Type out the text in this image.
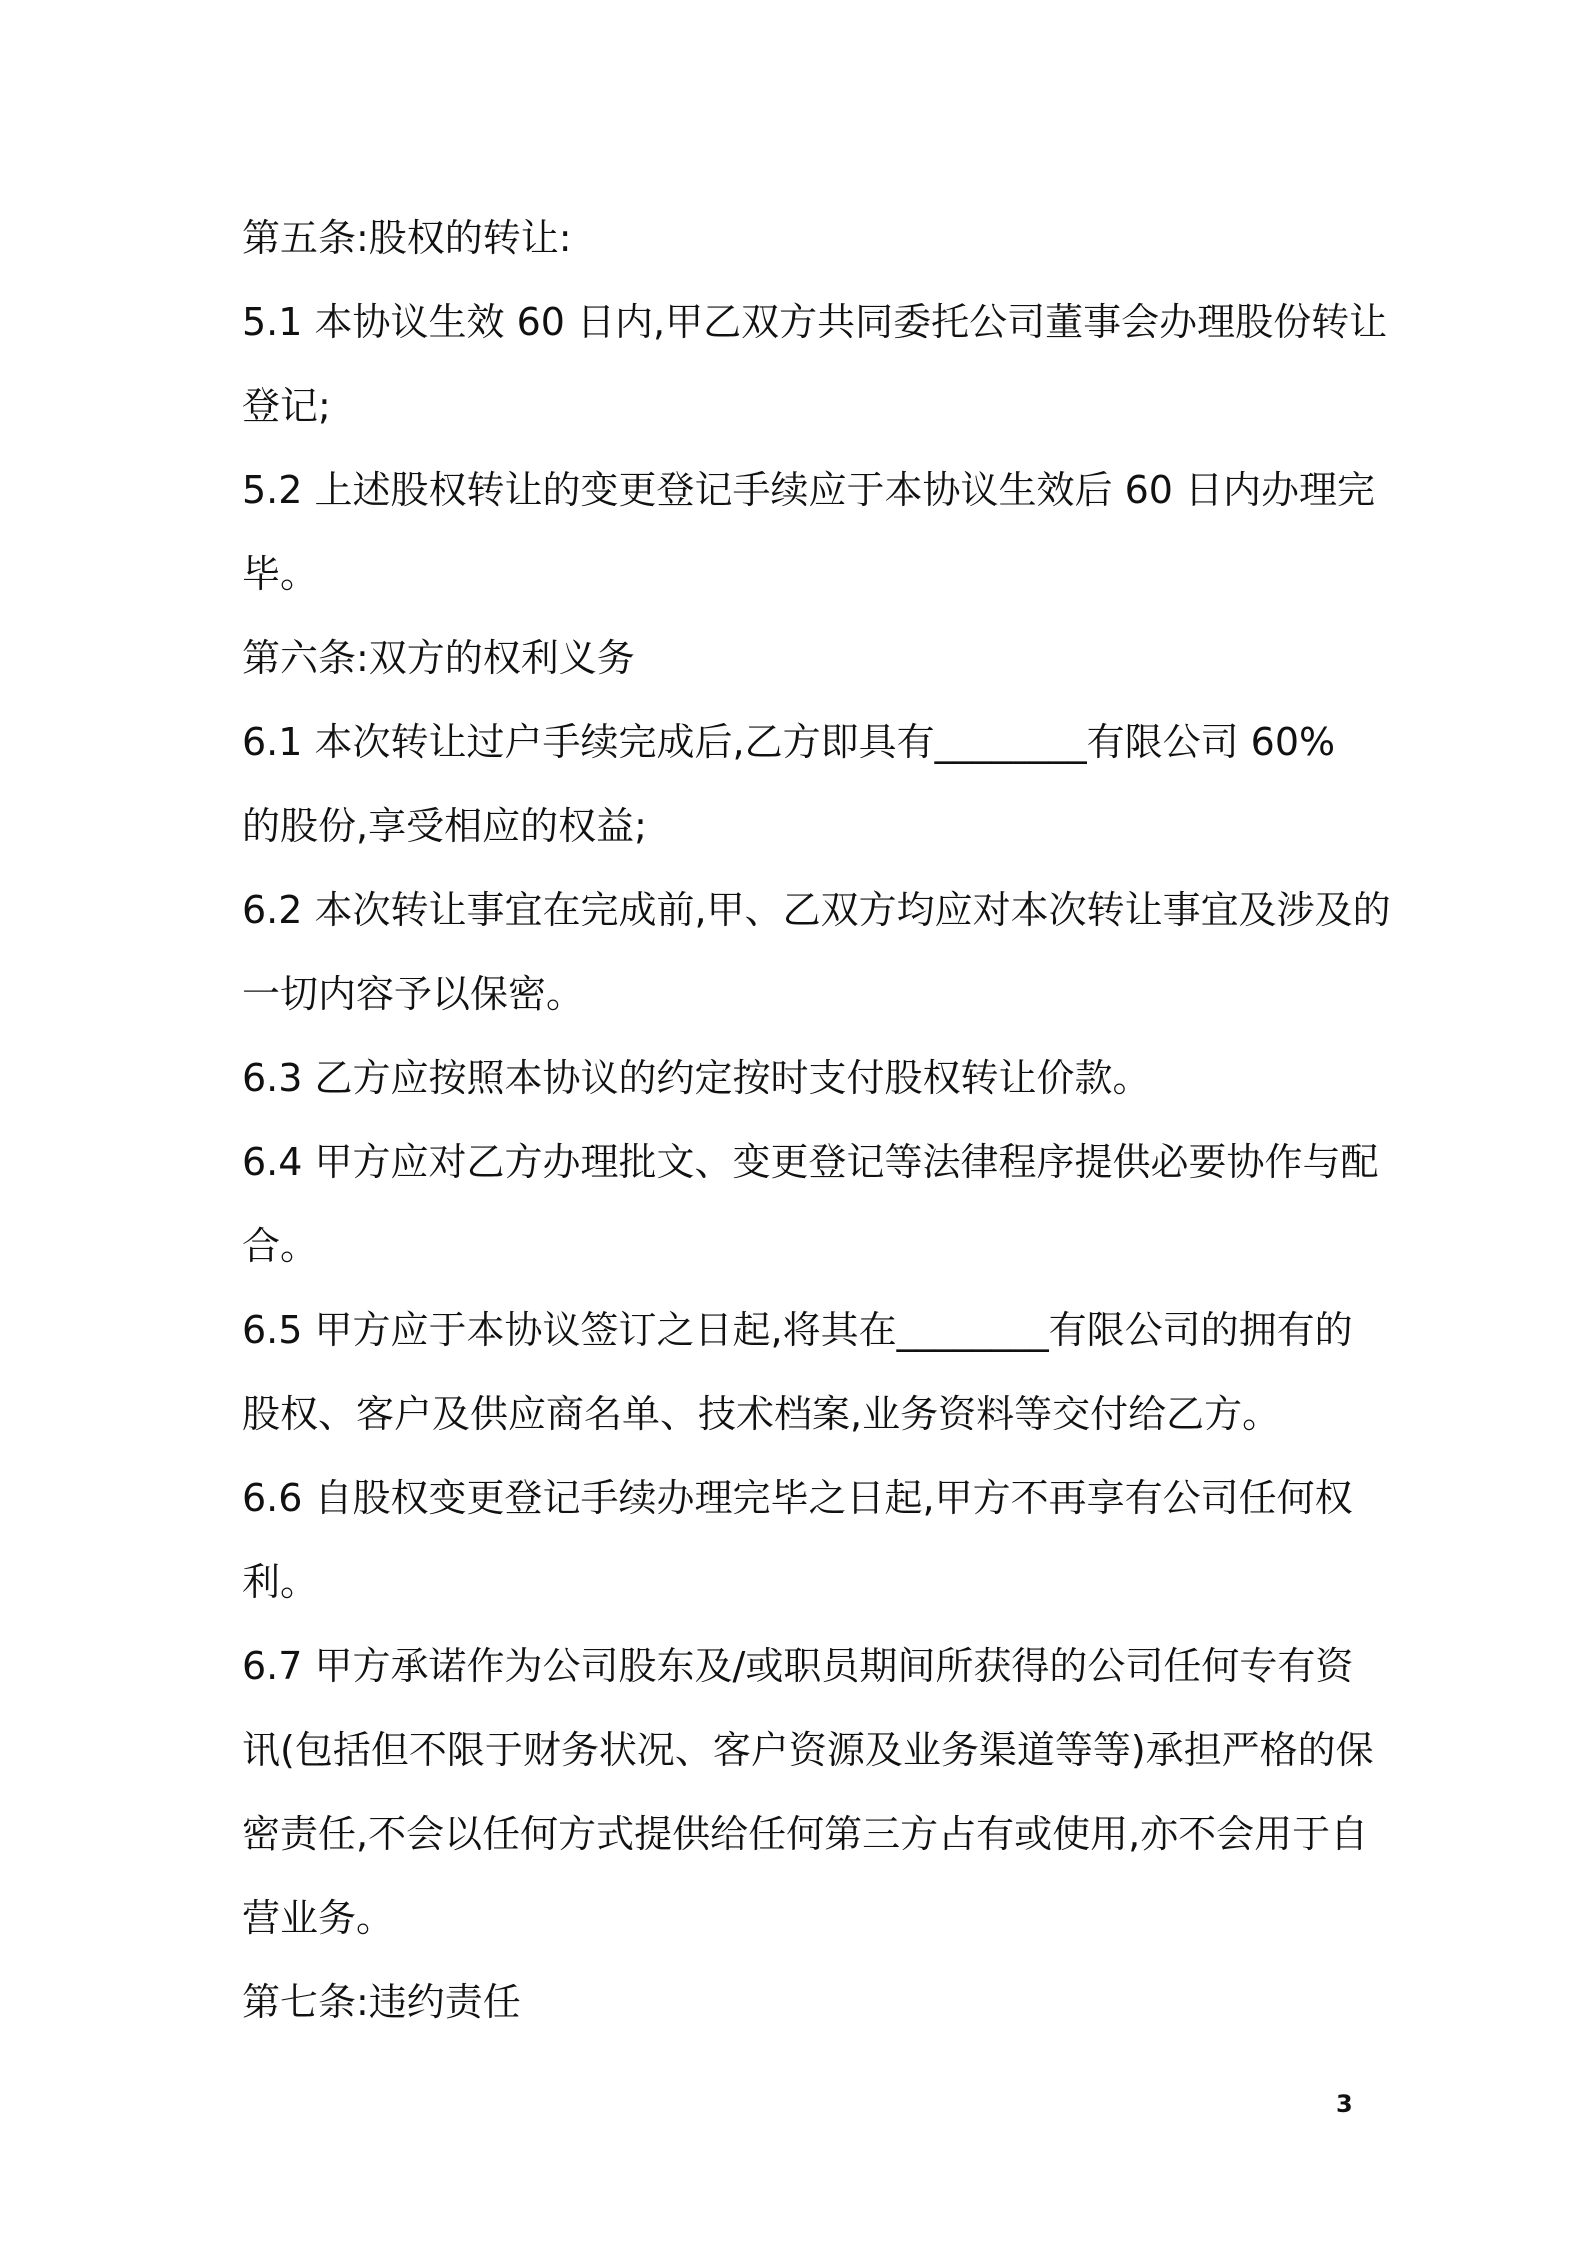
第五条:股权的转让:
5.1 本协议生效 60 日内,甲乙双方共同委托公司董事会办理股份转让
登记;
5.2 上述股权转让的变更登记手续应于本协议生效后 60 日内办理完
毕。
第六条:双方的权利义务
6.1 本次转让过户手续完成后,乙方即具有________有限公司 60%
的股份,享受相应的权益;
6.2 本次转让事宜在完成前,甲、乙双方均应对本次转让事宜及涉及的
一切内容予以保密。
6.3 乙方应按照本协议的约定按时支付股权转让价款。
6.4 甲方应对乙方办理批文、变更登记等法律程序提供必要协作与配
合。
6.5 甲方应于本协议签订之日起,将其在________有限公司的拥有的
股权、客户及供应商名单、技术档案,业务资料等交付给乙方。
6.6 自股权变更登记手续办理完毕之日起,甲方不再享有公司任何权
利。
6.7 甲方承诺作为公司股东及/或职员期间所获得的公司任何专有资
讯(包括但不限于财务状况、客户资源及业务渠道等等)承担严格的保
密责任,不会以任何方式提供给任何第三方占有或使用,亦不会用于自
营业务。
第七条:违约责任
3
